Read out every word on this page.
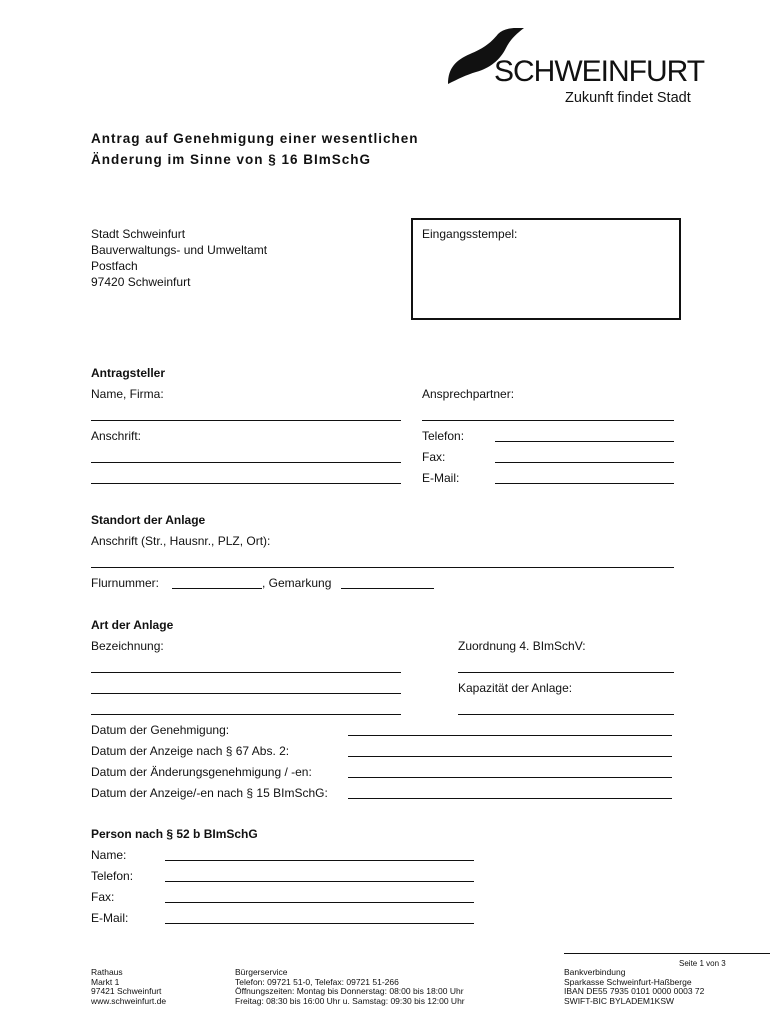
SCHWEINFURT
Zukunft findet Stadt
Antrag auf Genehmigung einer wesentlichen
Änderung im Sinne von § 16 BImSchG
Stadt Schweinfurt
Bauverwaltungs- und Umweltamt
Postfach
97420 Schweinfurt
Eingangsstempel:
Antragsteller
Name, Firma:	Ansprechpartner:
Anschrift:	Telefon:
Fax:
E-Mail:
Standort der Anlage
Anschrift (Str., Hausnr., PLZ, Ort):
Flurnummer:	, Gemarkung
Art der Anlage
Bezeichnung:	Zuordnung 4. BImSchV:
Kapazität der Anlage:
Datum der Genehmigung:
Datum der Anzeige nach § 67 Abs. 2:
Datum der Änderungsgenehmigung / -en:
Datum der Anzeige/-en nach § 15 BImSchG:
Person nach § 52 b BImSchG
Name:
Telefon:
Fax:
E-Mail:
Seite 1 von 3
Rathaus
Markt 1
97421 Schweinfurt
www.schweinfurt.de
Bürgerservice
Telefon: 09721 51-0, Telefax: 09721 51-266
Öffnungszeiten: Montag bis Donnerstag: 08:00 bis 18:00 Uhr
Freitag: 08:30 bis 16:00 Uhr u. Samstag: 09:30 bis 12:00 Uhr
Bankverbindung
Sparkasse Schweinfurt-Haßberge
IBAN DE55 7935 0101 0000 0003 72
SWIFT-BIC BYLADEM1KSW
